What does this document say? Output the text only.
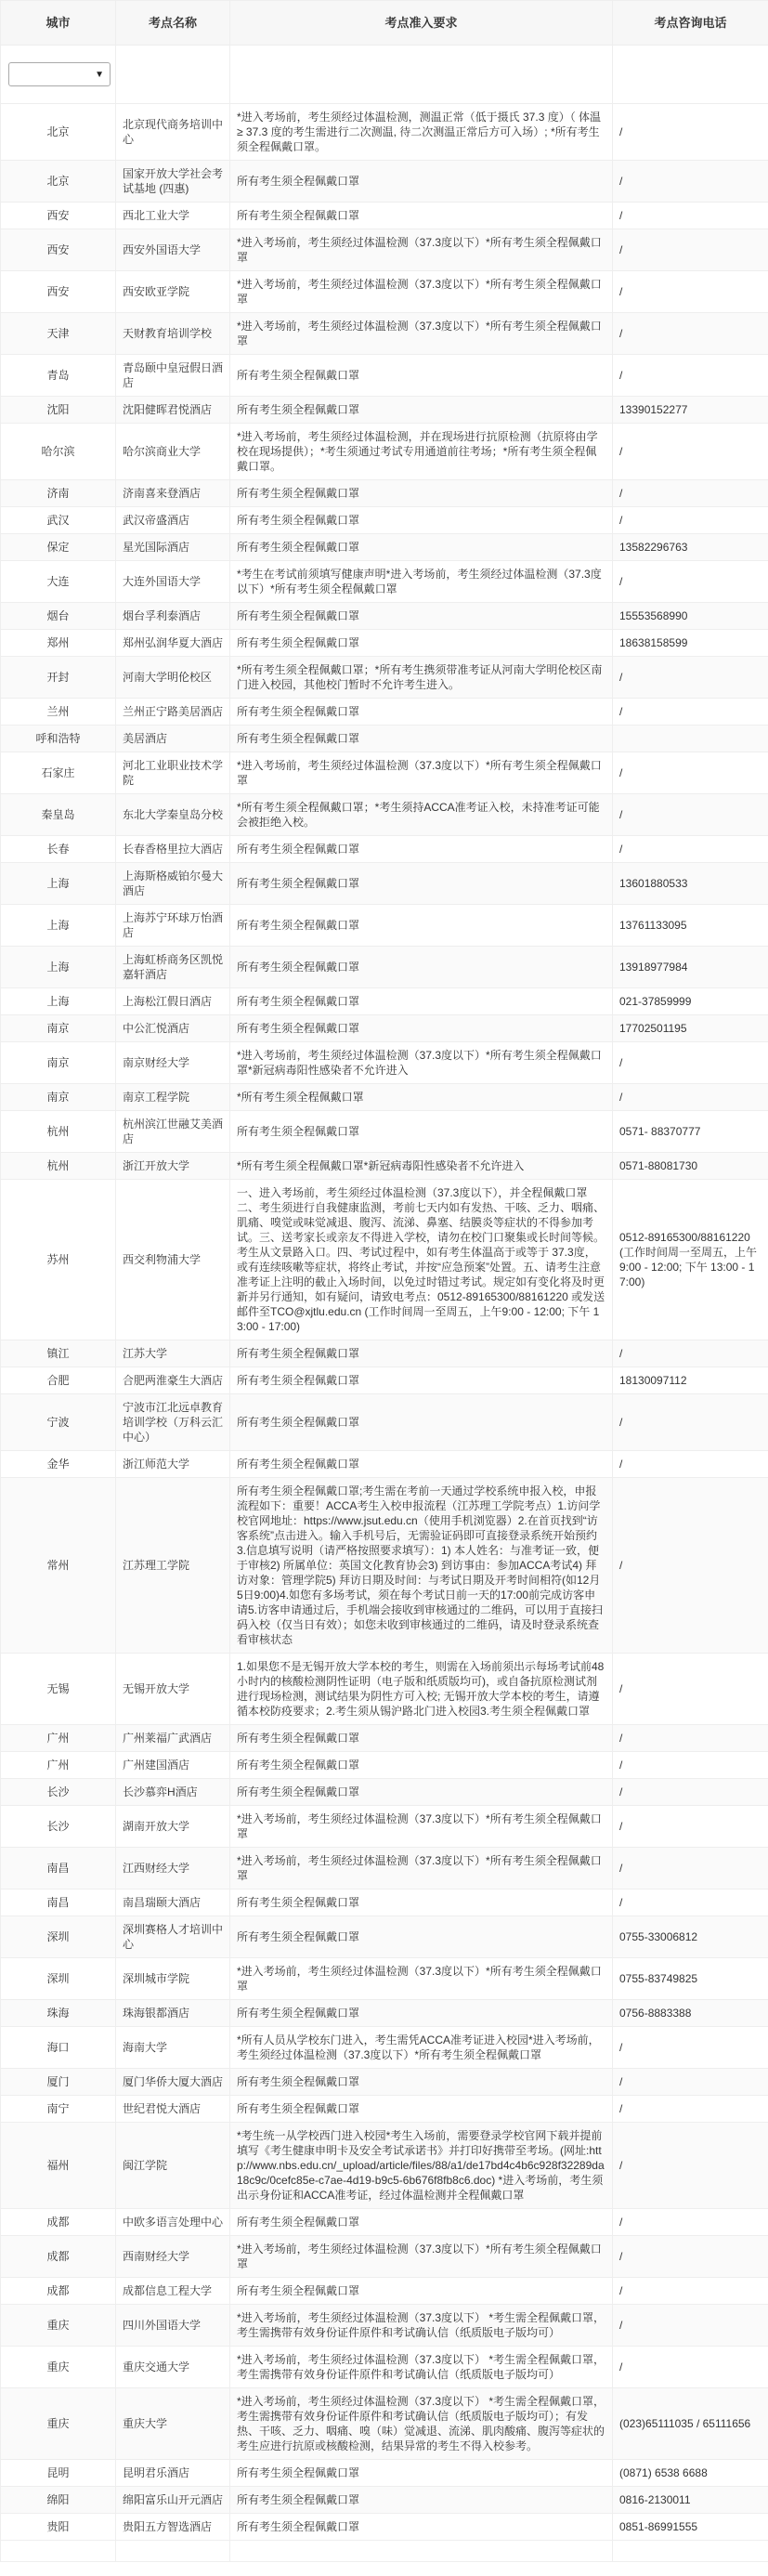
城市	考点名称	考点准入要求	考点咨询电话

▼			

北京	北京现代商务培训中心	*进入考场前，考生须经过体温检测，测温正常（低于摄氏 37.3 度）（ 体温 ≥ 37.3 度的考生需进行二次测温, 待二次测温正常后方可入场）; *所有考生须全程佩戴口罩。	/
北京	国家开放大学社会考试基地 (四惠)	所有考生须全程佩戴口罩	/
西安	西北工业大学	所有考生须全程佩戴口罩	/
西安	西安外国语大学	*进入考场前，考生须经过体温检测（37.3度以下）*所有考生须全程佩戴口罩	/
西安	西安欧亚学院	*进入考场前，考生须经过体温检测（37.3度以下）*所有考生须全程佩戴口罩	/
天津	天财教育培训学校	*进入考场前，考生须经过体温检测（37.3度以下）*所有考生须全程佩戴口罩	/
青岛	青岛颐中皇冠假日酒店	所有考生须全程佩戴口罩	/
沈阳	沈阳健晖君悦酒店	所有考生须全程佩戴口罩	13390152277
哈尔滨	哈尔滨商业大学	*进入考场前，考生须经过体温检测，并在现场进行抗原检测（抗原将由学校在现场提供）；*考生须通过考试专用通道前往考场；*所有考生须全程佩戴口罩。	/
济南	济南喜来登酒店	所有考生须全程佩戴口罩	/
武汉	武汉帝盛酒店	所有考生须全程佩戴口罩	/
保定	星光国际酒店	所有考生须全程佩戴口罩	13582296763
大连	大连外国语大学	*考生在考试前须填写健康声明*进入考场前，考生须经过体温检测（37.3度以下）*所有考生须全程佩戴口罩	/
烟台	烟台孚利泰酒店	所有考生须全程佩戴口罩	15553568990
郑州	郑州弘润华夏大酒店	所有考生须全程佩戴口罩	18638158599
开封	河南大学明伦校区	*所有考生须全程佩戴口罩；*所有考生携须带准考证从河南大学明伦校区南门进入校园，其他校门暂时不允许考生进入。	/
兰州	兰州正宁路美居酒店	所有考生须全程佩戴口罩	/
呼和浩特	美居酒店	所有考生须全程佩戴口罩	
石家庄	河北工业职业技术学院	*进入考场前，考生须经过体温检测（37.3度以下）*所有考生须全程佩戴口罩	/
秦皇岛	东北大学秦皇岛分校	*所有考生须全程佩戴口罩；*考生须持ACCA准考证入校，未持准考证可能会被拒绝入校。	/
长春	长春香格里拉大酒店	所有考生须全程佩戴口罩	/
上海	上海斯格威铂尔曼大酒店	所有考生须全程佩戴口罩	13601880533
上海	上海苏宁环球万怡酒店	所有考生须全程佩戴口罩	13761133095
上海	上海虹桥商务区凯悦嘉轩酒店	所有考生须全程佩戴口罩	13918977984
上海	上海松江假日酒店	所有考生须全程佩戴口罩	021-37859999
南京	中公汇悦酒店	所有考生须全程佩戴口罩	17702501195
南京	南京财经大学	*进入考场前，考生须经过体温检测（37.3度以下）*所有考生须全程佩戴口罩*新冠病毒阳性感染者不允许进入	/
南京	南京工程学院	*所有考生须全程佩戴口罩	/
杭州	杭州滨江世融艾美酒店	所有考生须全程佩戴口罩	0571- 88370777
杭州	浙江开放大学	*所有考生须全程佩戴口罩*新冠病毒阳性感染者不允许进入	0571-88081730
苏州	西交利物浦大学	一、进入考场前，考生须经过体温检测（37.3度以下），并全程佩戴口罩二、考生须进行自我健康监测，考前七天内如有发热、干咳、乏力、咽痛、肌痛、嗅觉或味觉减退、腹泻、流涕、鼻塞、结膜炎等症状的不得参加考试。三、送考家长或亲友不得进入学校，请勿在校门口聚集或长时间等候。考生从文景路入口。四、考试过程中，如有考生体温高于或等于 37.3度，或有连续咳嗽等症状，将终止考试，并按“应急预案”处置。五、请考生注意准考证上注明的截止入场时间，以免过时错过考试。规定如有变化将及时更新并另行通知，如有疑问，请致电考点：0512-89165300/88161220 或发送邮件至TCO@xjtlu.edu.cn (工作时间周一至周五，上午9:00 - 12:00; 下午 13:00 - 17:00)	0512-89165300/88161220 (工作时间周一至周五，上午9:00 - 12:00; 下午 13:00 - 17:00)
镇江	江苏大学	所有考生须全程佩戴口罩	/
合肥	合肥两淮豪生大酒店	所有考生须全程佩戴口罩	18130097112
宁波	宁波市江北远卓教育培训学校（万科云汇中心）	所有考生须全程佩戴口罩	/
金华	浙江师范大学	所有考生须全程佩戴口罩	/
常州	江苏理工学院	所有考生须全程佩戴口罩;考生需在考前一天通过学校系统申报入校，申报流程如下：重要！ACCA考生入校申报流程（江苏理工学院考点）1.访问学校官网地址：https://www.jsut.edu.cn（使用手机浏览器）2.在首页找到“访客系统”点击进入。输入手机号后，无需验证码即可直接登录系统开始预约3.信息填写说明（请严格按照要求填写）：1) 本人姓名：与准考证一致，便于审核2) 所属单位：英国文化教育协会3) 到访事由：参加ACCA考试4) 拜访对象：管理学院5) 拜访日期及时间：与考试日期及开考时间相符(如12月5日9:00)4.如您有多场考试，须在每个考试日前一天的17:00前完成访客申请5.访客申请通过后，手机端会接收到审核通过的二维码，可以用于直接扫码入校（仅当日有效）；如您未收到审核通过的二维码，请及时登录系统查看审核状态	/
无锡	无锡开放大学	1.如果您不是无锡开放大学本校的考生，则需在入场前须出示每场考试前48小时内的核酸检测阴性证明（电子版和纸质版均可)，或自备抗原检测试剂进行现场检测，测试结果为阴性方可入校; 无锡开放大学本校的考生，请遵循本校防疫要求；2.考生须从锡沪路北门进入校园3.考生须全程佩戴口罩	/
广州	广州莱福广武酒店	所有考生须全程佩戴口罩	/
广州	广州建国酒店	所有考生须全程佩戴口罩	/
长沙	长沙慕弈H酒店	所有考生须全程佩戴口罩	/
长沙	湖南开放大学	*进入考场前，考生须经过体温检测（37.3度以下）*所有考生须全程佩戴口罩	/
南昌	江西财经大学	*进入考场前，考生须经过体温检测（37.3度以下）*所有考生须全程佩戴口罩	/
南昌	南昌瑞颐大酒店	所有考生须全程佩戴口罩	/
深圳	深圳赛格人才培训中心	所有考生须全程佩戴口罩	0755-33006812
深圳	深圳城市学院	*进入考场前，考生须经过体温检测（37.3度以下）*所有考生须全程佩戴口罩	0755-83749825
珠海	珠海银都酒店	所有考生须全程佩戴口罩	0756-8883388
海口	海南大学	*所有人员从学校东门进入，考生需凭ACCA准考证进入校园*进入考场前，考生须经过体温检测（37.3度以下）*所有考生须全程佩戴口罩	/
厦门	厦门华侨大厦大酒店	所有考生须全程佩戴口罩	/
南宁	世纪君悦大酒店	所有考生须全程佩戴口罩	/
福州	闽江学院	*考生统一从学校西门进入校园*考生入场前，需要登录学校官网下载并提前填写《考生健康申明卡及安全考试承诺书》并打印好携带至考场。(网址:http://www.nbs.edu.cn/_upload/article/files/88/a1/de17bd4c4b6c928f32289da18c9c/0cefc85e-c7ae-4d19-b9c5-6b676f8fb8c6.doc) *进入考场前，考生须出示身份证和ACCA准考证，经过体温检测并全程佩戴口罩	/
成都	中欧多语言处理中心	所有考生须全程佩戴口罩	/
成都	西南财经大学	*进入考场前，考生须经过体温检测（37.3度以下）*所有考生须全程佩戴口罩	/
成都	成都信息工程大学	所有考生须全程佩戴口罩	/
重庆	四川外国语大学	*进入考场前，考生须经过体温检测（37.3度以下） *考生需全程佩戴口罩，考生需携带有效身份证件原件和考试确认信（纸质版电子版均可）	/
重庆	重庆交通大学	*进入考场前，考生须经过体温检测（37.3度以下） *考生需全程佩戴口罩，考生需携带有效身份证件原件和考试确认信（纸质版电子版均可）	/
重庆	重庆大学	*进入考场前，考生须经过体温检测（37.3度以下） *考生需全程佩戴口罩，考生需携带有效身份证件原件和考试确认信（纸质版电子版均可）；有发热、干咳、乏力、咽痛、嗅（味）觉减退、流涕、肌肉酸痛、腹泻等症状的考生应进行抗原或核酸检测，结果异常的考生不得入校参考。	(023)65111035 / 65111656
昆明	昆明君乐酒店	所有考生须全程佩戴口罩	(0871) 6538 6688
绵阳	绵阳富乐山开元酒店	所有考生须全程佩戴口罩	0816-2130011
贵阳	贵阳五方智选酒店	所有考生须全程佩戴口罩	0851-86991555
